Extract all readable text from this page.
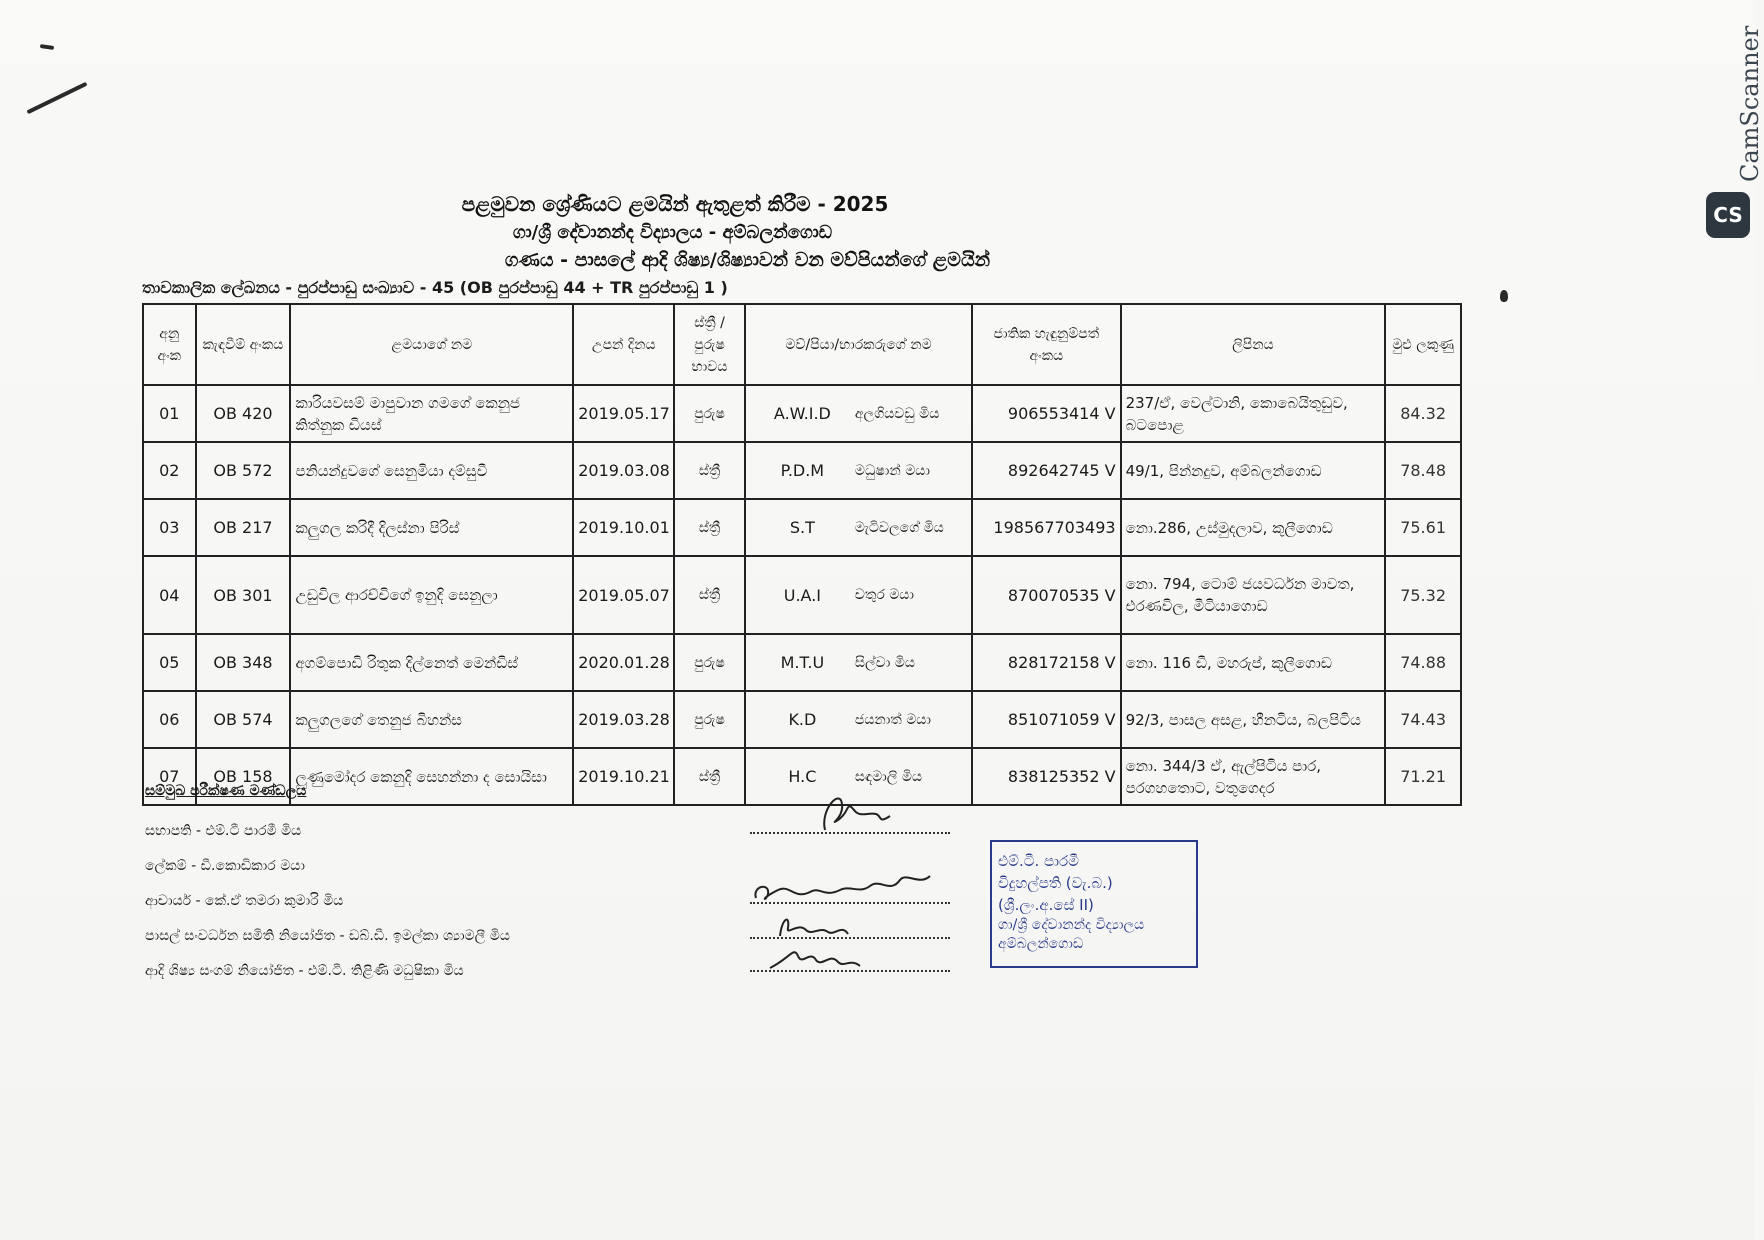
පළමුවන ශ්‍රේණියට ළමයින් ඇතුළත් කිරීම - 2025
ගා/ශ්‍රී දේවානන්ද විද්‍යාලය - අම්බලන්ගොඩ
ගණය - පාසලේ ආදි ශිෂ්‍ය/ශිෂ්‍යාවන් වන මව්පියන්ගේ ළමයින්
තාවකාලික ලේඛනය - පුරප්පාඩු සංඛ්‍යාව - 45 (OB පුරප්පාඩු 44 + TR පුරප්පාඩු 1 )
අනු අංක	කැඳවීම් අංකය	ළමයාගේ නම	උපන් දිනය	ස්ත්‍රී / පුරුෂ භාවය	මව්/පියා/භාරකරුගේ නම	ජාතික හැඳුනුම්පත් අංකය	ලිපිනය	මුළු ලකුණු
01	OB 420	කාරියවසම් මාපුවාන ගමගේ කෙනුජ කිත්නුක ඩියස්	2019.05.17	පුරුෂ	A.W.I.D අලගියවඩු මිය	906553414 V	237/ඒ, වෙල්ටානි, කොබෙයිතුඩුව, බටපොළ	84.32
02	OB 572	පනියන්දුවගේ සෙනුමියා දම්සුවී	2019.03.08	ස්ත්‍රී	P.D.M මධුෂාන් මයා	892642745 V	49/1, පින්නදුව, අම්බලන්ගොඩ	78.48
03	OB 217	කලුගල කරිදී දිලස්නා පිරිස්	2019.10.01	ස්ත්‍රී	S.T මැටිවලගේ මිය	198567703493	නො.286, උස්මුදලාව, කුලීගොඩ	75.61
04	OB 301	උඩුවිල ආරච්චිගේ ඉනුදි සෙනුලා	2019.05.07	ස්ත්‍රී	U.A.I චතුර මයා	870070535 V	නො. 794, ටොම් ජයවර්ධන මාවත, එරණවිල, මීටියාගොඩ	75.32
05	OB 348	අගම්පොඩි රිතුක දිල්නෙත් මෙන්ඩිස්	2020.01.28	පුරුෂ	M.T.U සිල්වා මිය	828172158 V	නො. 116 ඩී, මහරුප්, කුලීගොඩ	74.88
06	OB 574	කලුගලගේ තෙනුජ බිහන්ස	2019.03.28	පුරුෂ	K.D ජයනාත් මයා	851071059 V	92/3, පාසල අසළ, හීනටිය, බලපිටිය	74.43
07	OB 158	ලුණුමෝදර කෙනුදි සෙහන්නා ද සොයිසා	2019.10.21	ස්ත්‍රී	H.C සඳමාලි මිය	838125352 V	නො. 344/3 ඒ, ඇල්පිටිය පාර, පරගහතොට, වතුගෙදර	71.21
සම්මුඛ පරීක්ෂණ මණ්ඩලය
සභාපති - එම්.ටී පාරමී මිය
ලේකම් - ඩී.කොඩිකාර මයා
ආචාර්ය - කේ.ඒ තමරා කුමාරි මිය
පාසල් සංවර්ධන සමිති නියෝජිත - ඩබ්.ඩී. ඉමල්කා ශ්‍යාමලී මිය
ආදි ශිෂ්‍ය සංගම් නියෝජිත - එම්.ටී. තිළිණි මධුෂිකා මිය
එම්.ටී. පාරමී
විදුහල්පති (වැ.බ.)
(ශ්‍රී.ලං.අ.සේ II)
ගා/ශ්‍රී දේවානන්ද විද්‍යාලය
අම්බලන්ගොඩ
CS
CamScanner
